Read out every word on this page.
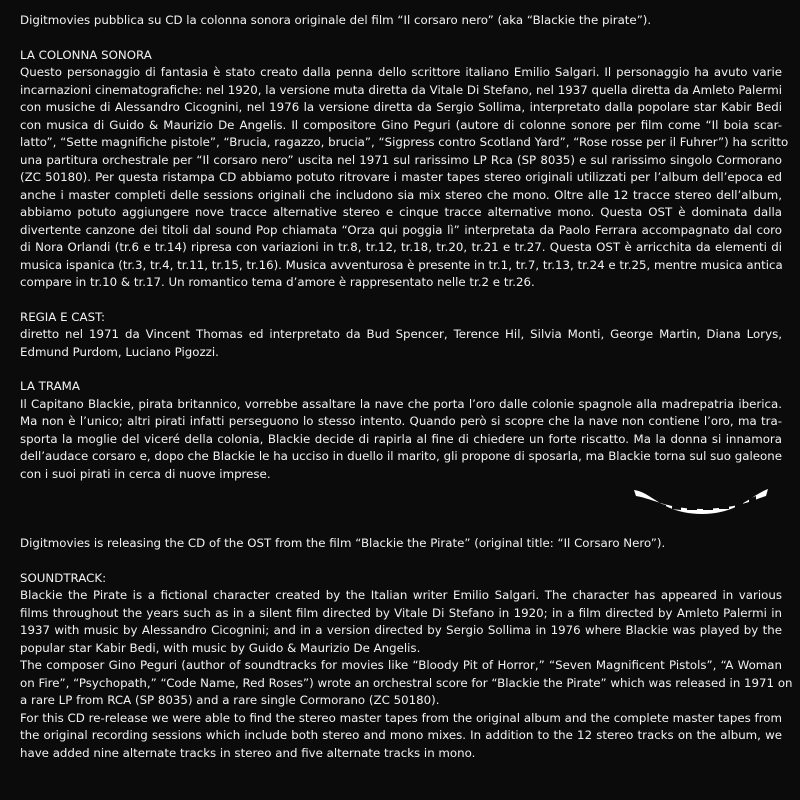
Digitmovies pubblica su CD la colonna sonora originale del film “Il corsaro nero” (aka “Blackie the pirate”).

LA COLONNA SONORA
Questo personaggio di fantasia è stato creato dalla penna dello scrittore italiano Emilio Salgari. Il personaggio ha avuto varie
incarnazioni cinematografiche: nel 1920, la versione muta diretta da Vitale Di Stefano, nel 1937 quella diretta da Amleto Palermi
con musiche di Alessandro Cicognini, nel 1976 la versione diretta da Sergio Sollima, interpretato dalla popolare star Kabir Bedi
con musica di Guido & Maurizio De Angelis. Il compositore Gino Peguri (autore di colonne sonore per film come “Il boia scar-
latto”, “Sette magnifiche pistole”, “Brucia, ragazzo, brucia”, “Sigpress contro Scotland Yard”, “Rose rosse per il Fuhrer”) ha scritto
una partitura orchestrale per “Il corsaro nero” uscita nel 1971 sul rarissimo LP Rca (SP 8035) e sul rarissimo singolo Cormorano
(ZC 50180). Per questa ristampa CD abbiamo potuto ritrovare i master tapes stereo originali utilizzati per l’album dell’epoca ed
anche i master completi delle sessions originali che includono sia mix stereo che mono. Oltre alle 12 tracce stereo dell’album,
abbiamo potuto aggiungere nove tracce alternative stereo e cinque tracce alternative mono. Questa OST è dominata dalla
divertente canzone dei titoli dal sound Pop chiamata “Orza qui poggia lì” interpretata da Paolo Ferrara accompagnato dal coro
di Nora Orlandi (tr.6 e tr.14) ripresa con variazioni in tr.8, tr.12, tr.18, tr.20, tr.21 e tr.27. Questa OST è arricchita da elementi di
musica ispanica (tr.3, tr.4, tr.11, tr.15, tr.16). Musica avventurosa è presente in tr.1, tr.7, tr.13, tr.24 e tr.25, mentre musica antica
compare in tr.10 & tr.17. Un romantico tema d’amore è rappresentato nelle tr.2 e tr.26.
REGIA E CAST:
diretto nel 1971 da Vincent Thomas ed interpretato da Bud Spencer, Terence Hil, Silvia Monti, George Martin, Diana Lorys,
Edmund Purdom, Luciano Pigozzi.
LA TRAMA
Il Capitano Blackie, pirata britannico, vorrebbe assaltare la nave che porta l’oro dalle colonie spagnole alla madrepatria iberica.
Ma non è l’unico; altri pirati infatti perseguono lo stesso intento. Quando però si scopre che la nave non contiene l’oro, ma tra-
sporta la moglie del viceré della colonia, Blackie decide di rapirla al fine di chiedere un forte riscatto. Ma la donna si innamora
dell’audace corsaro e, dopo che Blackie le ha ucciso in duello il marito, gli propone di sposarla, ma Blackie torna sul suo galeone
con i suoi pirati in cerca di nuove imprese.

Digitmovies is releasing the CD of the OST from the film “Blackie the Pirate” (original title: “Il Corsaro Nero”).

SOUNDTRACK:
Blackie the Pirate is a fictional character created by the Italian writer Emilio Salgari. The character has appeared in various
films throughout the years such as in a silent film directed by Vitale Di Stefano in 1920; in a film directed by Amleto Palermi in
1937 with music by Alessandro Cicognini; and in a version directed by Sergio Sollima in 1976 where Blackie was played by the
popular star Kabir Bedi, with music by Guido & Maurizio De Angelis.
The composer Gino Peguri (author of soundtracks for movies like “Bloody Pit of Horror,” “Seven Magnificent Pistols”, “A Woman
on Fire”, “Psychopath,” “Code Name, Red Roses”) wrote an orchestral score for “Blackie the Pirate” which was released in 1971 on
a rare LP from RCA (SP 8035) and a rare single Cormorano (ZC 50180).
For this CD re-release we were able to find the stereo master tapes from the original album and the complete master tapes from
the original recording sessions which include both stereo and mono mixes. In addition to the 12 stereo tracks on the album, we
have added nine alternate tracks in stereo and five alternate tracks in mono.
